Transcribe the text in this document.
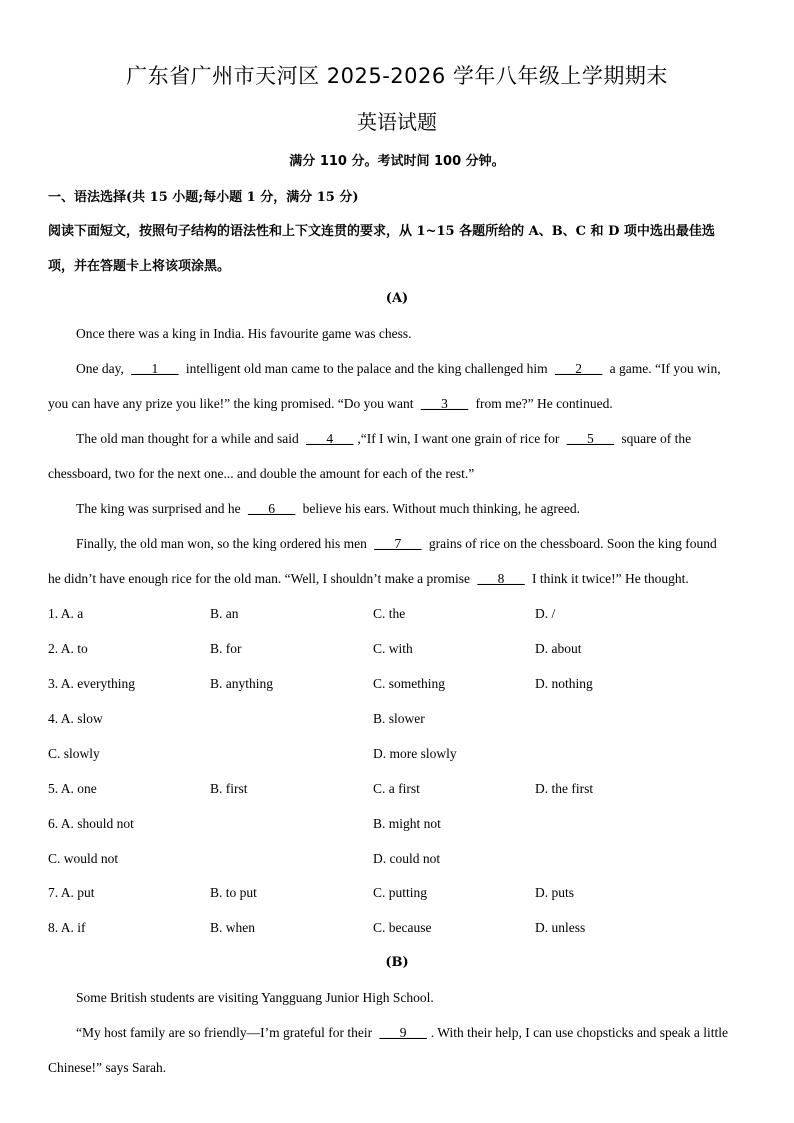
广东省广州市天河区 2025-2026 学年八年级上学期期末
英语试题
满分 110 分。考试时间 100 分钟。
一、语法选择(共 15 小题;每小题 1 分，满分 15 分)
阅读下面短文，按照句子结构的语法性和上下文连贯的要求，从 1~15 各题所给的 A、B、C 和 D 项中选出最佳选
项，并在答题卡上将该项涂黑。
(A)
Once there was a king in India. His favourite game was chess.
One day, ___1___ intelligent old man came to the palace and the king challenged him ___2___ a game. “If you win,
you can have any prize you like!” the king promised. “Do you want ___3___ from me?” He continued.
The old man thought for a while and said ___4___ ,“If I win, I want one grain of rice for ___5___ square of the
chessboard, two for the next one... and double the amount for each of the rest.”
The king was surprised and he ___6___ believe his ears. Without much thinking, he agreed.
Finally, the old man won, so the king ordered his men ___7___ grains of rice on the chessboard. Soon the king found
he didn’t have enough rice for the old man. “Well, I shouldn’t make a promise ___8___ I think it twice!” He thought.
1. A. a	B. an	C. the	D. /
2. A. to	B. for	C. with	D. about
3. A. everything	B. anything	C. something	D. nothing
4. A. slow	B. slower
C. slowly	D. more slowly
5. A. one	B. first	C. a first	D. the first
6. A. should not	B. might not
C. would not	D. could not
7. A. put	B. to put	C. putting	D. puts
8. A. if	B. when	C. because	D. unless
(B)
Some British students are visiting Yangguang Junior High School.
“My host family are so friendly—I’m grateful for their ___9___ . With their help, I can use chopsticks and speak a little
Chinese!” says Sarah.
